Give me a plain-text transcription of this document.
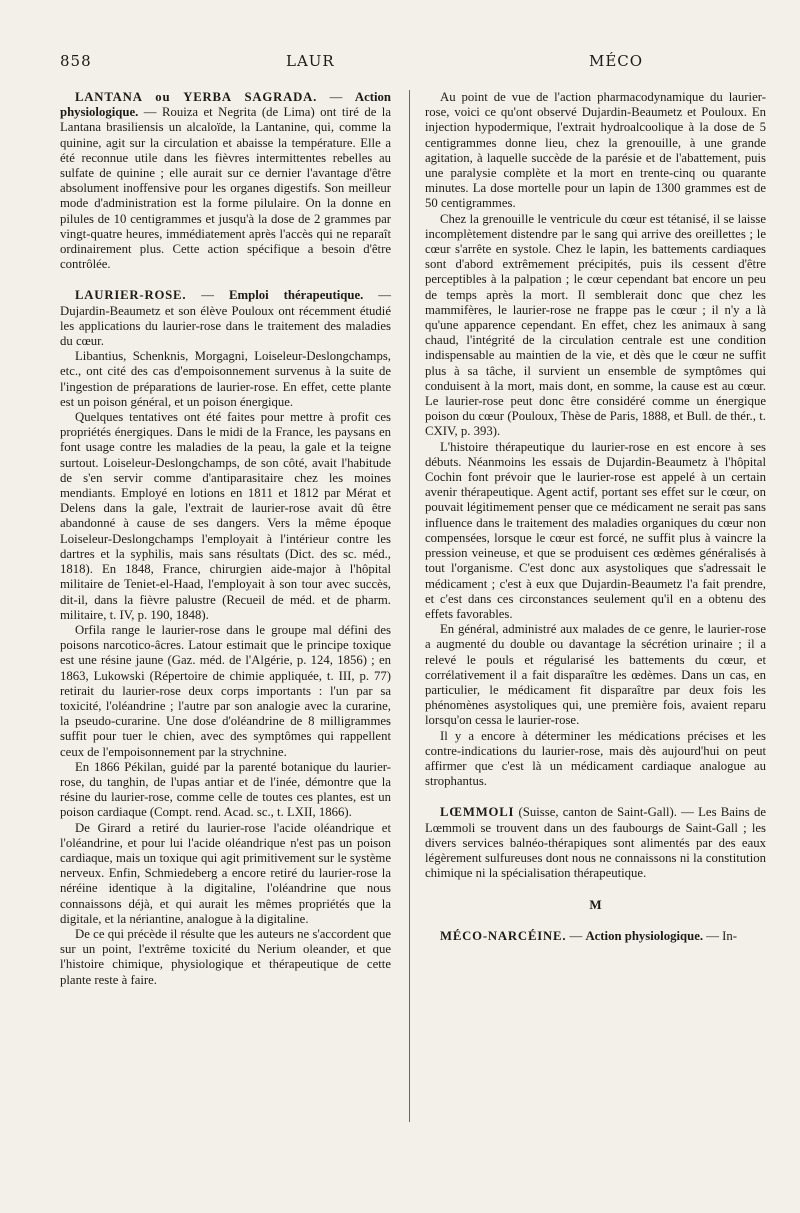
858	LAUR	MÉCO

LANTANA ou YERBA SAGRADA. — Action physiologique. — Rouiza et Negrita (de Lima) ont tiré de la Lantana brasiliensis un alcaloïde, la Lantanine, qui, comme la quinine, agit sur la circulation et abaisse la température. Elle a été reconnue utile dans les fièvres intermittentes rebelles au sulfate de quinine ; elle aurait sur ce dernier l'avantage d'être absolument inoffensive pour les organes digestifs. Son meilleur mode d'administration est la forme pilulaire. On la donne en pilules de 10 centigrammes et jusqu'à la dose de 2 grammes par vingt-quatre heures, immédiatement après l'accès qui ne reparaît ordinairement plus. Cette action spécifique a besoin d'être contrôlée.

LAURIER-ROSE. — Emploi thérapeutique. — Dujardin-Beaumetz et son élève Pouloux ont récemment étudié les applications du laurier-rose dans le traitement des maladies du cœur.

Libantius, Schenknis, Morgagni, Loiseleur-Deslongchamps, etc., ont cité des cas d'empoisonnement survenus à la suite de l'ingestion de préparations de laurier-rose. En effet, cette plante est un poison général, et un poison énergique.

Quelques tentatives ont été faites pour mettre à profit ces propriétés énergiques. Dans le midi de la France, les paysans en font usage contre les maladies de la peau, la gale et la teigne surtout. Loiseleur-Deslongchamps, de son côté, avait l'habitude de s'en servir comme d'antiparasitaire chez les moines mendiants. Employé en lotions en 1811 et 1812 par Mérat et Delens dans la gale, l'extrait de laurier-rose avait dû être abandonné à cause de ses dangers. Vers la même époque Loiseleur-Deslongchamps l'employait à l'intérieur contre les dartres et la syphilis, mais sans résultats (Dict. des sc. méd., 1818). En 1848, France, chirurgien aide-major à l'hôpital militaire de Teniet-el-Haad, l'employait à son tour avec succès, dit-il, dans la fièvre palustre (Recueil de méd. et de pharm. militaire, t. IV, p. 190, 1848).

Orfila range le laurier-rose dans le groupe mal défini des poisons narcotico-âcres. Latour estimait que le principe toxique est une résine jaune (Gaz. méd. de l'Algérie, p. 124, 1856) ; en 1863, Lukowski (Répertoire de chimie appliquée, t. III, p. 77) retirait du laurier-rose deux corps importants : l'un par sa toxicité, l'oléandrine ; l'autre par son analogie avec la curarine, la pseudo-curarine. Une dose d'oléandrine de 8 milligrammes suffit pour tuer le chien, avec des symptômes qui rappellent ceux de l'empoisonnement par la strychnine.

En 1866 Pékilan, guidé par la parenté botanique du laurier-rose, du tanghin, de l'upas antiar et de l'inée, démontre que la résine du laurier-rose, comme celle de toutes ces plantes, est un poison cardiaque (Compt. rend. Acad. sc., t. LXII, 1866).

De Girard a retiré du laurier-rose l'acide oléandrique et l'oléandrine, et pour lui l'acide oléandrique n'est pas un poison cardiaque, mais un toxique qui agit primitivement sur le système nerveux. Enfin, Schmiedeberg a encore retiré du laurier-rose la néréine identique à la digitaline, l'oléandrine que nous connaissons déjà, et qui aurait les mêmes propriétés que la digitale, et la nériantine, analogue à la digitaline.

De ce qui précède il résulte que les auteurs ne s'accordent que sur un point, l'extrême toxicité du Nerium oleander, et que l'histoire chimique, physiologique et thérapeutique de cette plante reste à faire.

Au point de vue de l'action pharmacodynamique du laurier-rose, voici ce qu'ont observé Dujardin-Beaumetz et Pouloux. En injection hypodermique, l'extrait hydroalcoolique à la dose de 5 centigrammes donne lieu, chez la grenouille, à une grande agitation, à laquelle succède de la parésie et de l'abattement, puis une paralysie complète et la mort en trente-cinq ou quarante minutes. La dose mortelle pour un lapin de 1300 grammes est de 50 centigrammes.

Chez la grenouille le ventricule du cœur est tétanisé, il se laisse incomplètement distendre par le sang qui arrive des oreillettes ; le cœur s'arrête en systole. Chez le lapin, les battements cardiaques sont d'abord extrêmement précipités, puis ils cessent d'être perceptibles à la palpation ; le cœur cependant bat encore un peu de temps après la mort. Il semblerait donc que chez les mammifères, le laurier-rose ne frappe pas le cœur ; il n'y a là qu'une apparence cependant. En effet, chez les animaux à sang chaud, l'intégrité de la circulation centrale est une condition indispensable au maintien de la vie, et dès que le cœur ne suffit plus à sa tâche, il survient un ensemble de symptômes qui conduisent à la mort, mais dont, en somme, la cause est au cœur. Le laurier-rose peut donc être considéré comme un énergique poison du cœur (Pouloux, Thèse de Paris, 1888, et Bull. de thér., t. CXIV, p. 393).

L'histoire thérapeutique du laurier-rose en est encore à ses débuts. Néanmoins les essais de Dujardin-Beaumetz à l'hôpital Cochin font prévoir que le laurier-rose est appelé à un certain avenir thérapeutique. Agent actif, portant ses effet sur le cœur, on pouvait légitimement penser que ce médicament ne serait pas sans influence dans le traitement des maladies organiques du cœur non compensées, lorsque le cœur est forcé, ne suffit plus à vaincre la pression veineuse, et que se produisent ces œdèmes généralisés à tout l'organisme. C'est donc aux asystoliques que s'adressait le médicament ; c'est à eux que Dujardin-Beaumetz l'a fait prendre, et c'est dans ces circonstances seulement qu'il en a obtenu des effets favorables.

En général, administré aux malades de ce genre, le laurier-rose a augmenté du double ou davantage la sécrétion urinaire ; il a relevé le pouls et régularisé les battements du cœur, et corrélativement il a fait disparaître les œdèmes. Dans un cas, en particulier, le médicament fit disparaître par deux fois les phénomènes asystoliques qui, une première fois, avaient reparu lorsqu'on cessa le laurier-rose.

Il y a encore à déterminer les médications précises et les contre-indications du laurier-rose, mais dès aujourd'hui on peut affirmer que c'est là un médicament cardiaque analogue au strophantus.

LŒMMOLI (Suisse, canton de Saint-Gall). — Les Bains de Lœmmoli se trouvent dans un des faubourgs de Saint-Gall ; les divers services balnéo-thérapiques sont alimentés par des eaux légèrement sulfureuses dont nous ne connaissons ni la constitution chimique ni la spécialisation thérapeutique.

M

MÉCO-NARCÉINE. — Action physiologique. — In-
